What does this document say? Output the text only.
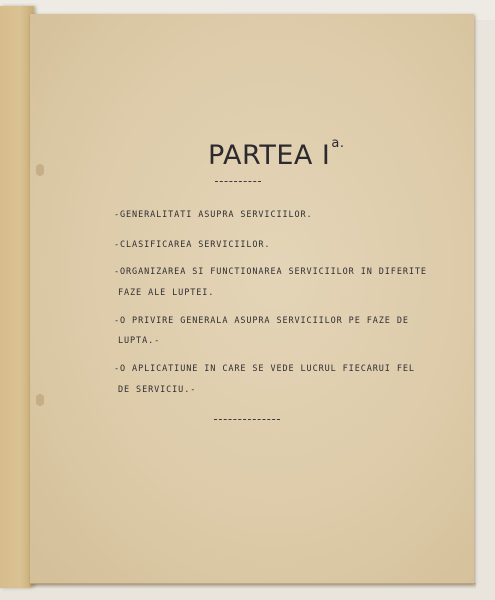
PARTEA $I^{a.}$
-GENERALITATI ASUPRA SERVICIILOR.
-CLASIFICAREA SERVICIILOR.
-ORGANIZAREA SI FUNCTIONAREA SERVICIILOR IN DIFERITE
FAZE ALE LUPTEI.
-O PRIVIRE GENERALA ASUPRA SERVICIILOR PE FAZE DE
LUPTA.-
-O APLICATIUNE IN CARE SE VEDE LUCRUL FIECARUI FEL
DE SERVICIU.-
